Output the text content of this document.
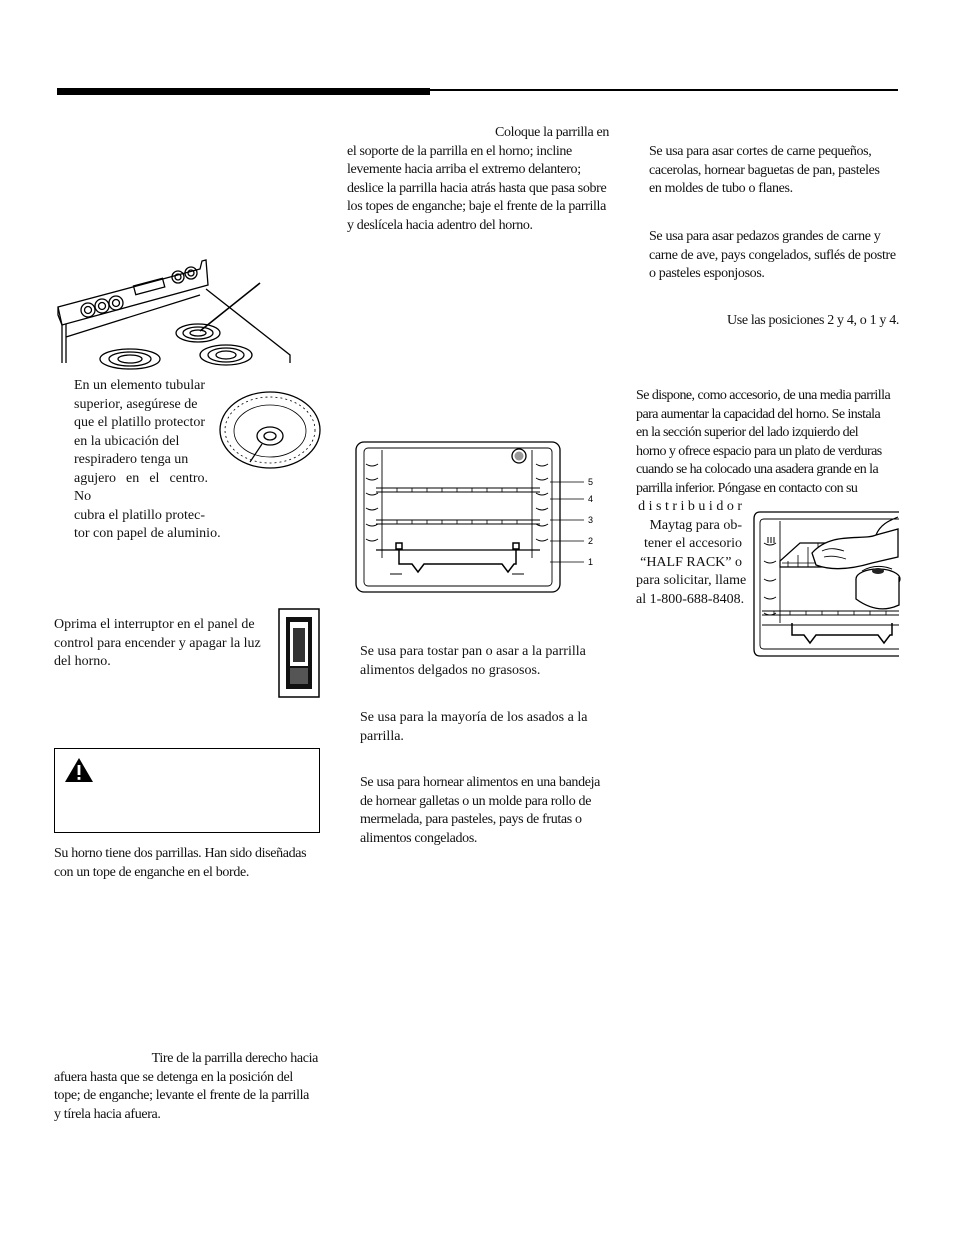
En un elemento tubular
superior, asegúrese de
que el platillo protector
en la ubicación del
respiradero tenga un
agujero en el centro. No
cubra el platillo protec-
tor con papel de aluminio.

Oprima el interruptor en el panel de
control para encender y apagar la luz
del horno.

Su horno tiene dos parrillas. Han sido diseñadas
con un tope de enganche en el borde.

Tire de la parrilla derecho hacia
afuera hasta que se detenga en la posición del
tope; de enganche; levante el frente de la parrilla
y tírela hacia afuera.

Coloque la parrilla en
el soporte de la parrilla en el horno; incline
levemente hacia arriba el extremo delantero;
deslice la parrilla hacia atrás hasta que pasa sobre
los topes de enganche; baje el frente de la parrilla
y deslícela hacia adentro del horno.

5
4
3
2
1

Se usa para tostar pan o asar a la parrilla
alimentos delgados no grasosos.

Se usa para la mayoría de los asados a la
parrilla.

Se usa para hornear alimentos en una bandeja
de hornear galletas o un molde para rollo de
mermelada, para pasteles, pays de frutas o
alimentos congelados.

Se usa para asar cortes de carne pequeños,
cacerolas, hornear baguetas de pan, pasteles
en moldes de tubo o flanes.

Se usa para asar pedazos grandes de carne y
carne de ave, pays congelados, suflés de postre
o pasteles esponjosos.

Use las posiciones 2 y 4, o 1 y 4.

Se dispone, como accesorio, de una media parrilla
para aumentar la capacidad del horno. Se instala
en la sección superior del lado izquierdo del
horno y ofrece espacio para un plato de verduras
cuando se ha colocado una asadera grande en la
parrilla inferior. Póngase en contacto con su

d i s t r i b u i d o r
Maytag para ob-
tener el accesorio
“HALF RACK” o
para solicitar, llame
al 1-800-688-8408.
